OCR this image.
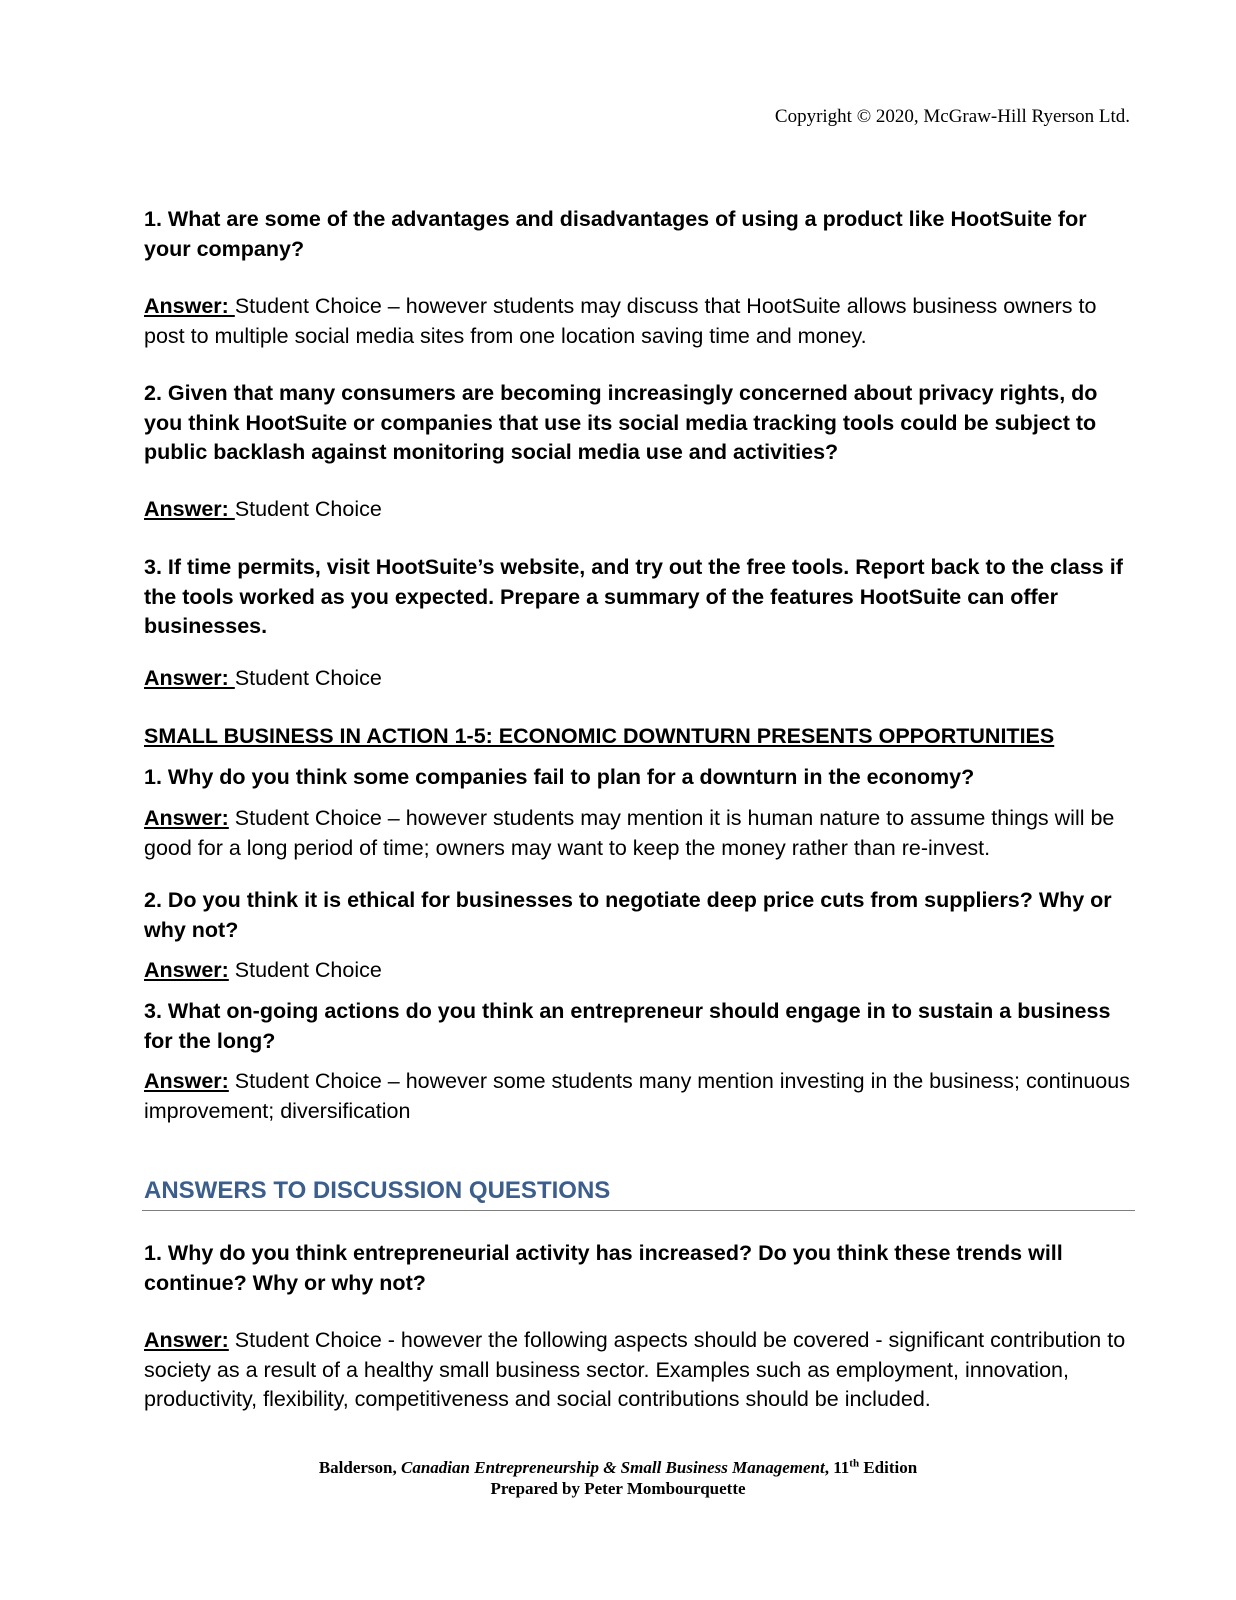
Copyright © 2020, McGraw-Hill Ryerson Ltd.
1. What are some of the advantages and disadvantages of using a product like HootSuite for your company?
Answer: Student Choice – however students may discuss that HootSuite allows business owners to post to multiple social media sites from one location saving time and money.
2. Given that many consumers are becoming increasingly concerned about privacy rights, do you think HootSuite or companies that use its social media tracking tools could be subject to public backlash against monitoring social media use and activities?
Answer: Student Choice
3. If time permits, visit HootSuite’s website, and try out the free tools. Report back to the class if the tools worked as you expected. Prepare a summary of the features HootSuite can offer businesses.
Answer: Student Choice
SMALL BUSINESS IN ACTION 1-5: ECONOMIC DOWNTURN PRESENTS OPPORTUNITIES
1. Why do you think some companies fail to plan for a downturn in the economy?
Answer: Student Choice – however students may mention it is human nature to assume things will be good for a long period of time; owners may want to keep the money rather than re-invest.
2. Do you think it is ethical for businesses to negotiate deep price cuts from suppliers? Why or why not?
Answer: Student Choice
3. What on-going actions do you think an entrepreneur should engage in to sustain a business for the long?
Answer: Student Choice – however some students many mention investing in the business; continuous improvement; diversification
ANSWERS TO DISCUSSION QUESTIONS
1. Why do you think entrepreneurial activity has increased? Do you think these trends will continue? Why or why not?
Answer: Student Choice - however the following aspects should be covered - significant contribution to society as a result of a healthy small business sector. Examples such as employment, innovation, productivity, flexibility, competitiveness and social contributions should be included.
Balderson, Canadian Entrepreneurship & Small Business Management, 11th Edition
Prepared by Peter Mombourquette
